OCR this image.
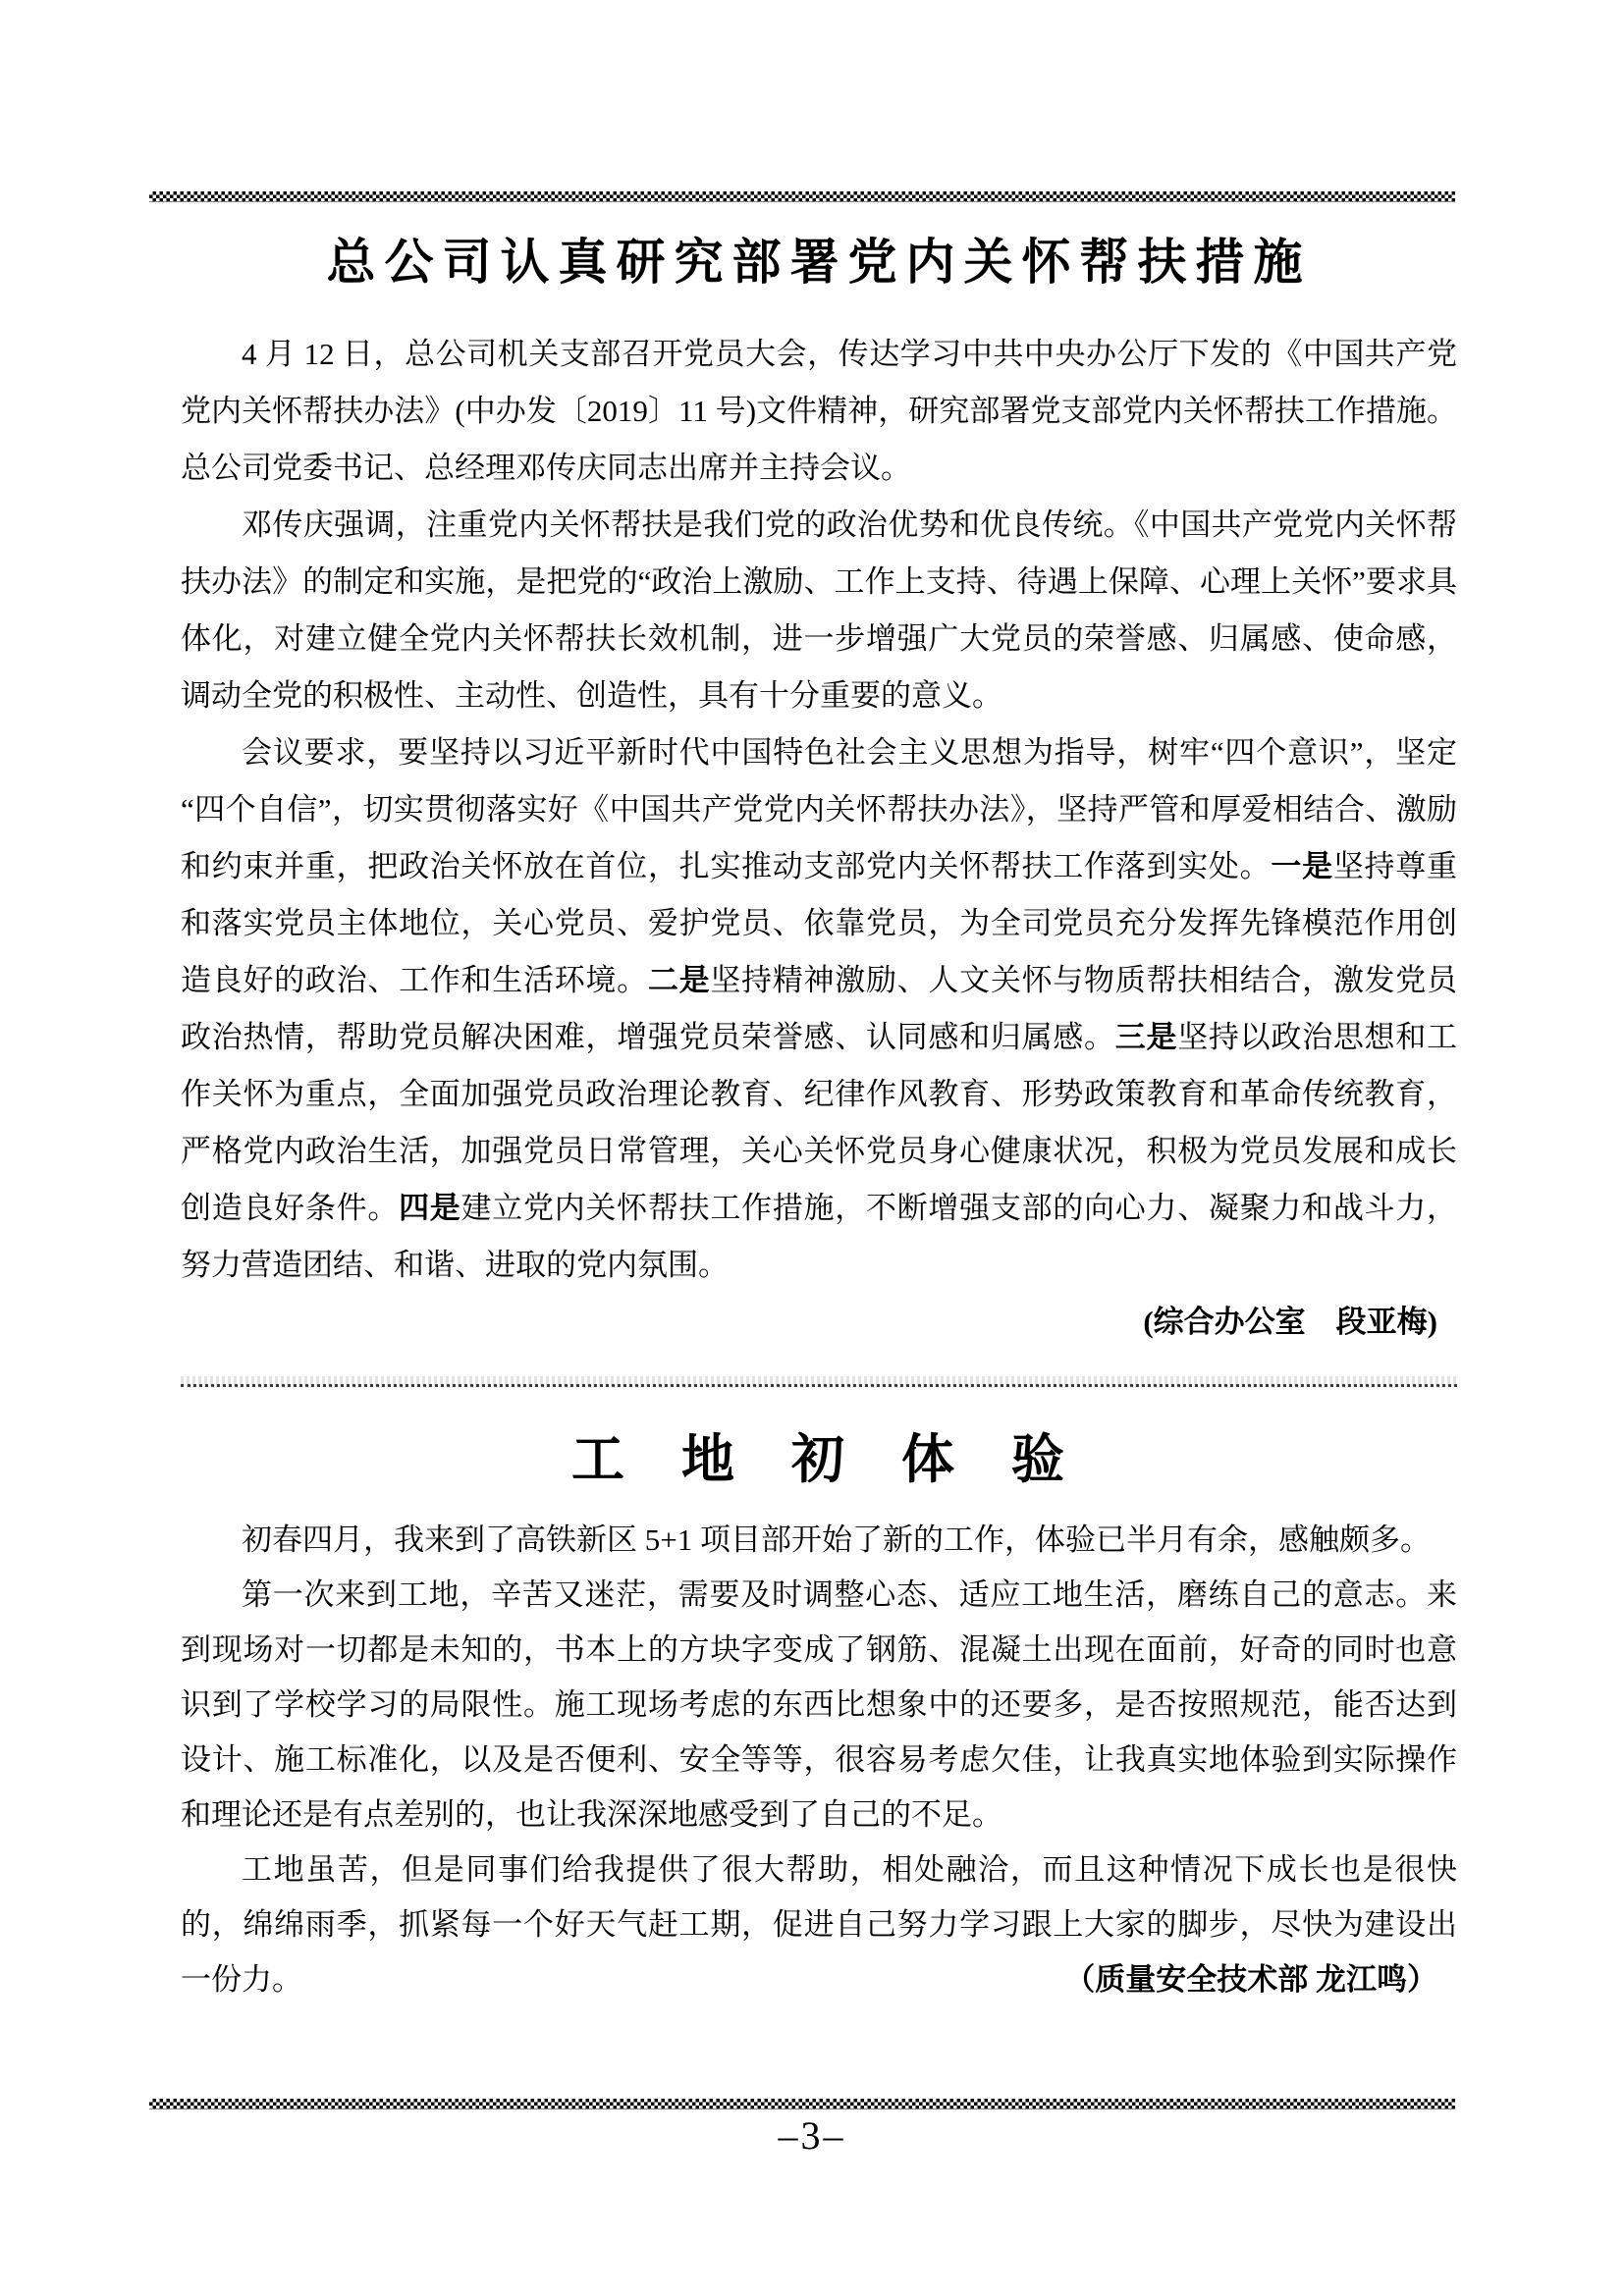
总公司认真研究部署党内关怀帮扶措施

4 月 12 日，总公司机关支部召开党员大会，传达学习中共中央办公厅下发的《中国共产党党内关怀帮扶办法》(中办发〔2019〕11 号)文件精神，研究部署党支部党内关怀帮扶工作措施。总公司党委书记、总经理邓传庆同志出席并主持会议。

邓传庆强调，注重党内关怀帮扶是我们党的政治优势和优良传统。《中国共产党党内关怀帮扶办法》的制定和实施，是把党的“政治上激励、工作上支持、待遇上保障、心理上关怀”要求具体化，对建立健全党内关怀帮扶长效机制，进一步增强广大党员的荣誉感、归属感、使命感，调动全党的积极性、主动性、创造性，具有十分重要的意义。

会议要求，要坚持以习近平新时代中国特色社会主义思想为指导，树牢“四个意识”，坚定“四个自信”，切实贯彻落实好《中国共产党党内关怀帮扶办法》，坚持严管和厚爱相结合、激励和约束并重，把政治关怀放在首位，扎实推动支部党内关怀帮扶工作落到实处。一是坚持尊重和落实党员主体地位，关心党员、爱护党员、依靠党员，为全司党员充分发挥先锋模范作用创造良好的政治、工作和生活环境。二是坚持精神激励、人文关怀与物质帮扶相结合，激发党员政治热情，帮助党员解决困难，增强党员荣誉感、认同感和归属感。三是坚持以政治思想和工作关怀为重点，全面加强党员政治理论教育、纪律作风教育、形势政策教育和革命传统教育，严格党内政治生活，加强党员日常管理，关心关怀党员身心健康状况，积极为党员发展和成长创造良好条件。四是建立党内关怀帮扶工作措施，不断增强支部的向心力、凝聚力和战斗力，努力营造团结、和谐、进取的党内氛围。

(综合办公室　段亚梅)

工　地　初　体　验

初春四月，我来到了高铁新区 5+1 项目部开始了新的工作，体验已半月有余，感触颇多。

第一次来到工地，辛苦又迷茫，需要及时调整心态、适应工地生活，磨练自己的意志。来到现场对一切都是未知的，书本上的方块字变成了钢筋、混凝土出现在面前，好奇的同时也意识到了学校学习的局限性。施工现场考虑的东西比想象中的还要多，是否按照规范，能否达到设计、施工标准化，以及是否便利、安全等等，很容易考虑欠佳，让我真实地体验到实际操作和理论还是有点差别的，也让我深深地感受到了自己的不足。

工地虽苦，但是同事们给我提供了很大帮助，相处融洽，而且这种情况下成长也是很快的，绵绵雨季，抓紧每一个好天气赶工期，促进自己努力学习跟上大家的脚步，尽快为建设出一份力。	（质量安全技术部 龙江鸣）

–3–
